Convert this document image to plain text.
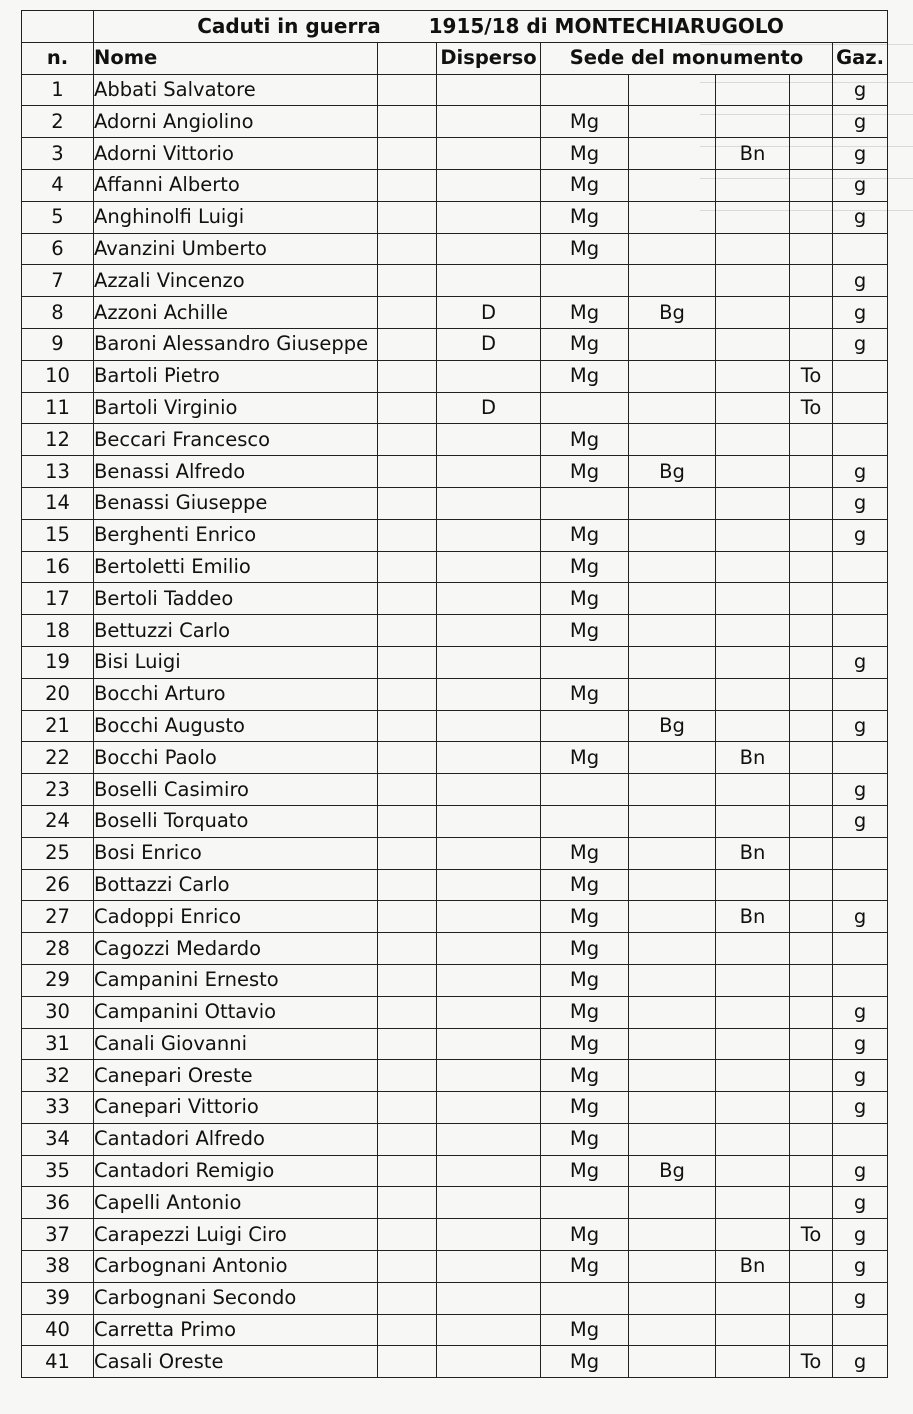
	Caduti in guerra 1915/18 di MONTECHIARUGOLO							
n.	Nome		Disperso	Sede del monumento				Gaz.
1	Abbati Salvatore							g
2	Adorni Angiolino			Mg				g
3	Adorni Vittorio			Mg		Bn		g
4	Affanni Alberto			Mg				g
5	Anghinolfi Luigi			Mg				g
6	Avanzini Umberto			Mg				
7	Azzali Vincenzo							g
8	Azzoni Achille		D	Mg	Bg			g
9	Baroni Alessandro Giuseppe		D	Mg				g
10	Bartoli Pietro			Mg			To	
11	Bartoli Virginio		D				To	
12	Beccari Francesco			Mg				
13	Benassi Alfredo			Mg	Bg			g
14	Benassi Giuseppe							g
15	Berghenti Enrico			Mg				g
16	Bertoletti Emilio			Mg				
17	Bertoli Taddeo			Mg				
18	Bettuzzi Carlo			Mg				
19	Bisi Luigi							g
20	Bocchi Arturo			Mg				
21	Bocchi Augusto				Bg			g
22	Bocchi Paolo			Mg		Bn		
23	Boselli Casimiro							g
24	Boselli Torquato							g
25	Bosi Enrico			Mg		Bn		
26	Bottazzi Carlo			Mg				
27	Cadoppi Enrico			Mg		Bn		g
28	Cagozzi Medardo			Mg				
29	Campanini Ernesto			Mg				
30	Campanini Ottavio			Mg				g
31	Canali Giovanni			Mg				g
32	Canepari Oreste			Mg				g
33	Canepari Vittorio			Mg				g
34	Cantadori Alfredo			Mg				
35	Cantadori Remigio			Mg	Bg			g
36	Capelli Antonio							g
37	Carapezzi Luigi Ciro			Mg			To	g
38	Carbognani Antonio			Mg		Bn		g
39	Carbognani Secondo							g
40	Carretta Primo			Mg				
41	Casali Oreste			Mg			To	g
